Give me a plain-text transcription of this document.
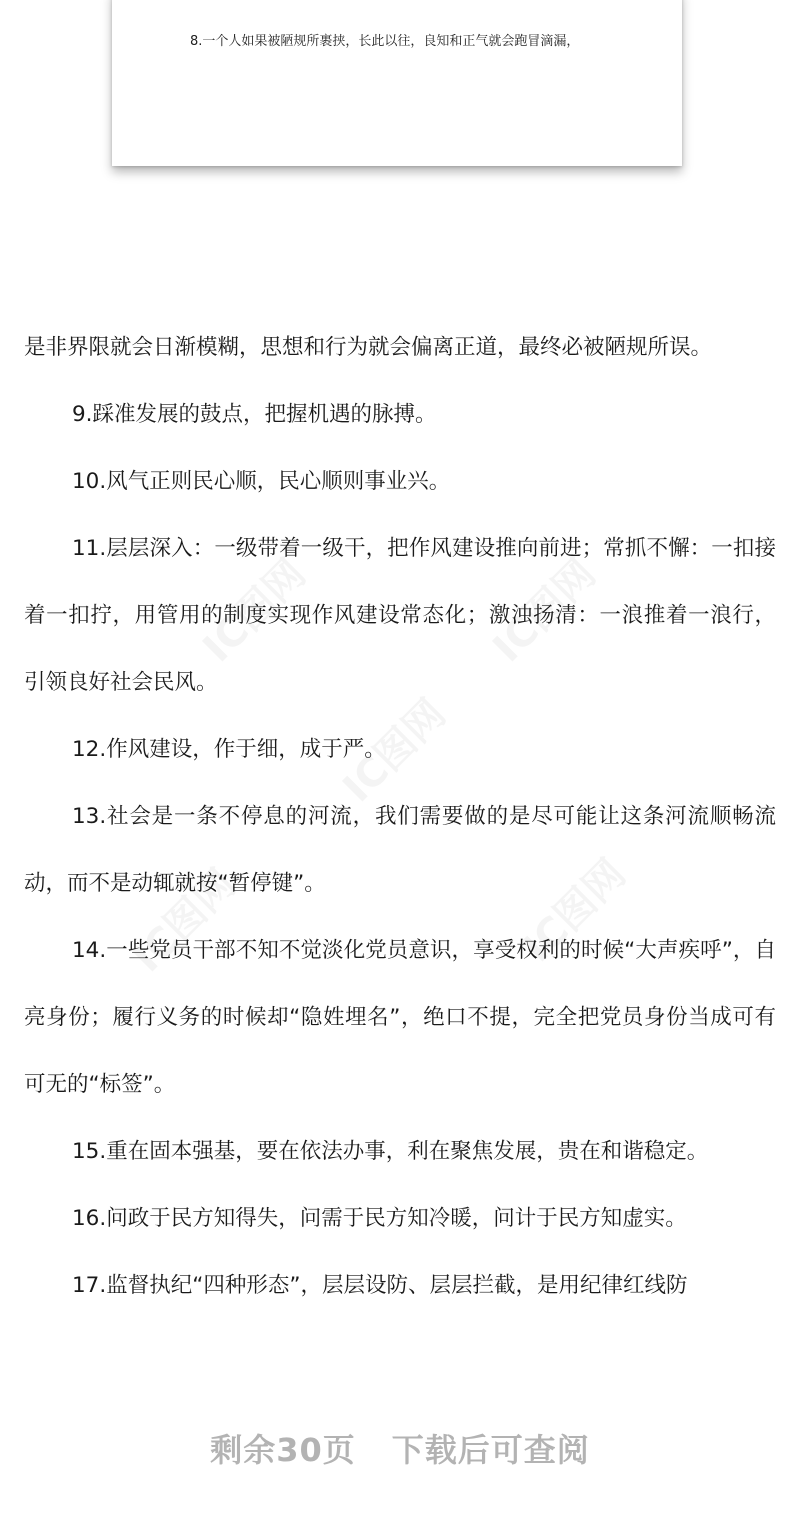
8.一个人如果被陋规所裹挟，长此以往，良知和正气就会跑冒滴漏，

是非界限就会日渐模糊，思想和行为就会偏离正道，最终必被陋规所误。

9.踩准发展的鼓点，把握机遇的脉搏。

10.风气正则民心顺，民心顺则事业兴。

11.层层深入：一级带着一级干，把作风建设推向前进；常抓不懈：一扣接着一扣拧，用管用的制度实现作风建设常态化；激浊扬清：一浪推着一浪行，引领良好社会民风。

12.作风建设，作于细，成于严。

13.社会是一条不停息的河流，我们需要做的是尽可能让这条河流顺畅流动，而不是动辄就按“暂停键”。

14.一些党员干部不知不觉淡化党员意识，享受权利的时候“大声疾呼”，自亮身份；履行义务的时候却“隐姓埋名”，绝口不提，完全把党员身份当成可有可无的“标签”。

15.重在固本强基，要在依法办事，利在聚焦发展，贵在和谐稳定。

16.问政于民方知得失，问需于民方知冷暖，问计于民方知虚实。

17.监督执纪“四种形态”，层层设防、层层拦截，是用纪律红线防

剩余30页 下载后可查阅
